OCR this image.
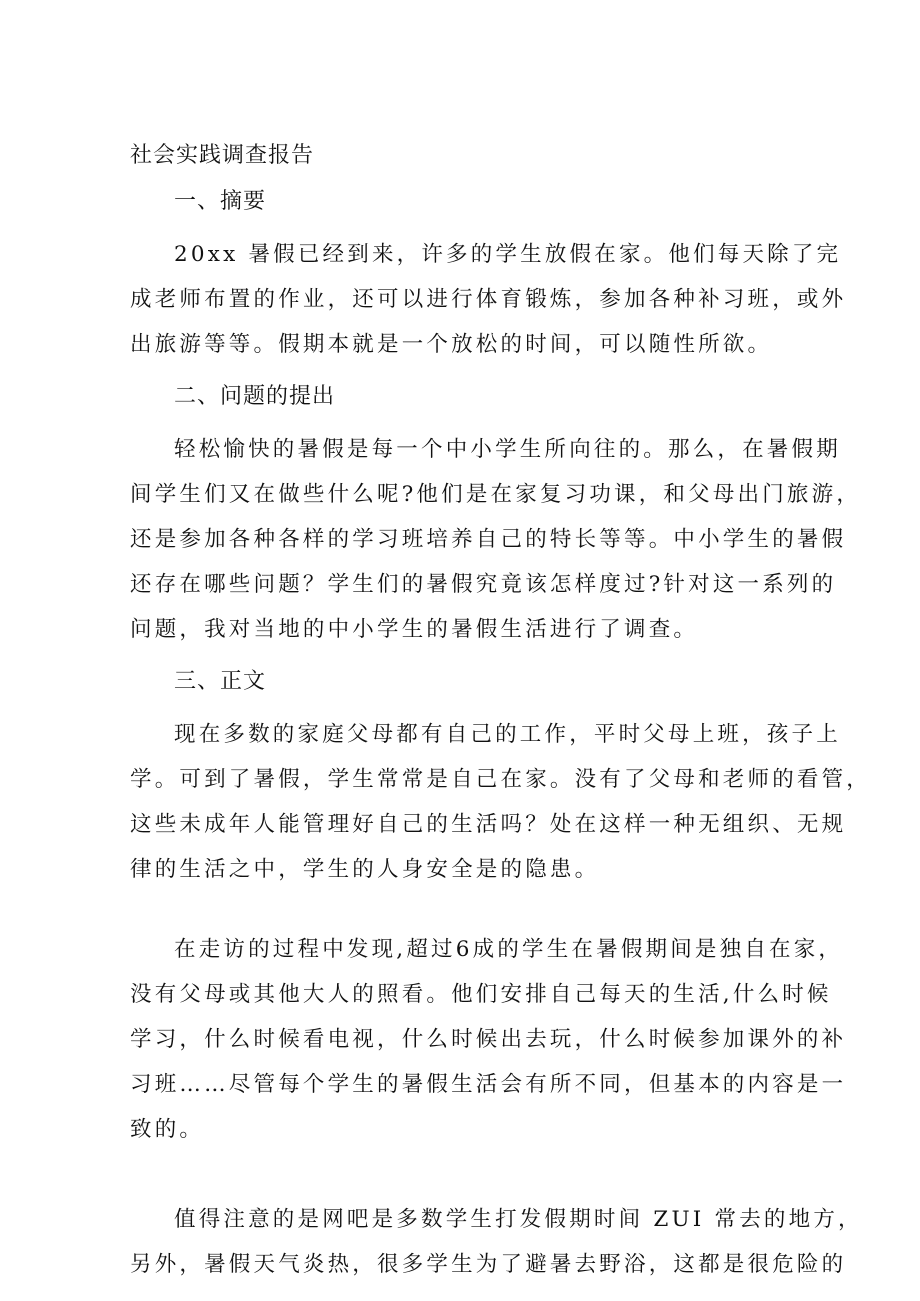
社会实践调查报告
一、摘要

20xx 暑假已经到来，许多的学生放假在家。他们每天除了完
成老师布置的作业，还可以进行体育锻炼，参加各种补习班，或外
出旅游等等。假期本就是一个放松的时间，可以随性所欲。

二、问题的提出

轻松愉快的暑假是每一个中小学生所向往的。那么，在暑假期
间学生们又在做些什么呢?他们是在家复习功课，和父母出门旅游，
还是参加各种各样的学习班培养自己的特长等等。中小学生的暑假
还存在哪些问题？学生们的暑假究竟该怎样度过?针对这一系列的
问题，我对当地的中小学生的暑假生活进行了调查。

三、正文

现在多数的家庭父母都有自己的工作，平时父母上班，孩子上
学。可到了暑假，学生常常是自己在家。没有了父母和老师的看管，
这些未成年人能管理好自己的生活吗？处在这样一种无组织、无规
律的生活之中，学生的人身安全是的隐患。

在走访的过程中发现,超过6成的学生在暑假期间是独自在家，
没有父母或其他大人的照看。他们安排自己每天的生活,什么时候
学习，什么时候看电视，什么时候出去玩，什么时候参加课外的补
习班……尽管每个学生的暑假生活会有所不同，但基本的内容是一
致的。

值得注意的是网吧是多数学生打发假期时间 ZUI 常去的地方，
另外，暑假天气炎热，很多学生为了避暑去野浴，这都是很危险的
